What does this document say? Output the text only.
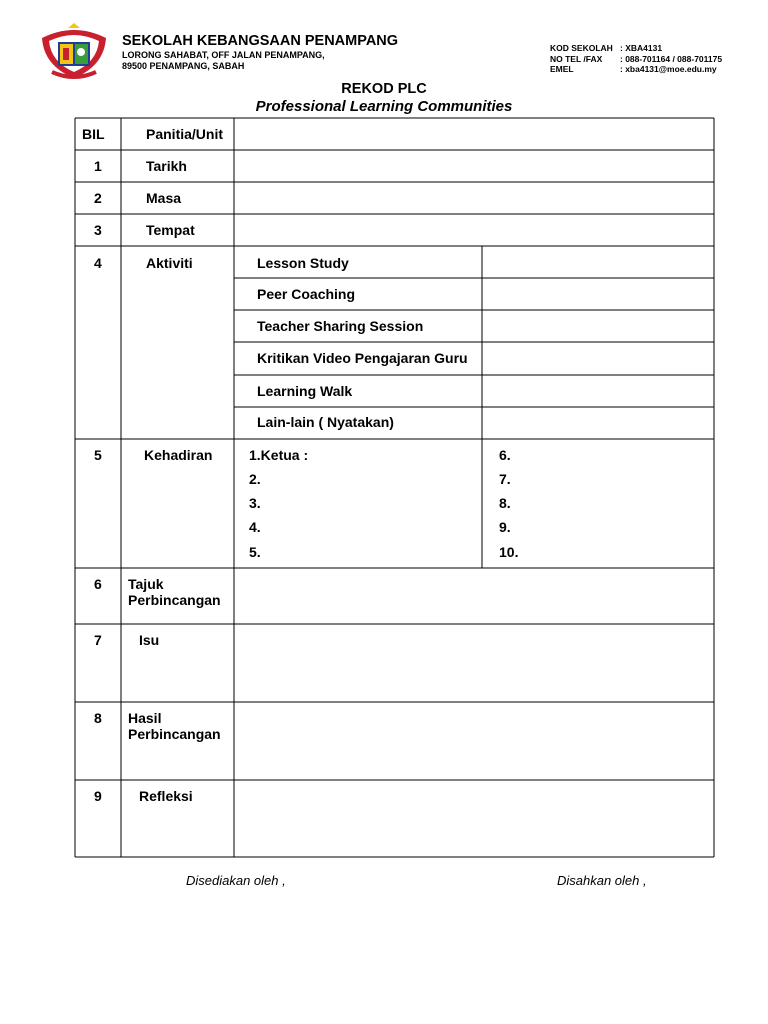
SEKOLAH KEBANGSAAN PENAMPANG
LORONG SAHABAT, OFF JALAN PENAMPANG,
89500 PENAMPANG, SABAH
KOD SEKOLAH : XBA4131
NO TEL /FAX	: 088-701164 / 088-701175
EMEL	: xba4131@moe.edu.my
REKOD PLC
Professional Learning Communities
BIL	Panitia/Unit
1	Tarikh
2	Masa
3	Tempat
4	Aktiviti	Lesson Study
Peer Coaching
Teacher Sharing Session
Kritikan Video Pengajaran Guru
Learning Walk
Lain-lain ( Nyatakan)
5	Kehadiran	1.Ketua :
2.
3.
4.
5.
6.
7.
8.
9.
10.
6 Tajuk Perbincangan
7	Isu
8 Hasil Perbincangan
9	Refleksi
Disediakan oleh ,	Disahkan oleh ,
